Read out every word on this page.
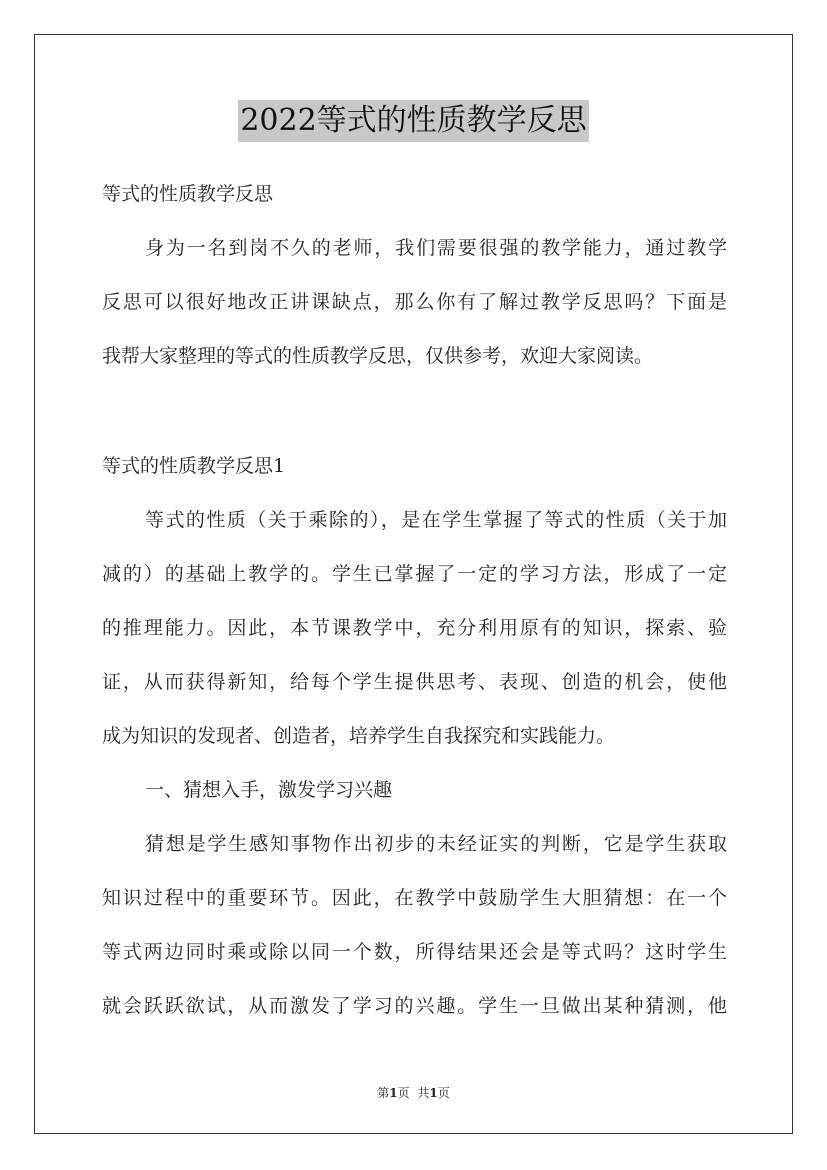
2022等式的性质教学反思
等式的性质教学反思
身为一名到岗不久的老师，我们需要很强的教学能力，通过教学
反思可以很好地改正讲课缺点，那么你有了解过教学反思吗？下面是
我帮大家整理的等式的性质教学反思，仅供参考，欢迎大家阅读。
等式的性质教学反思1
等式的性质（关于乘除的），是在学生掌握了等式的性质（关于加
减的）的基础上教学的。学生已掌握了一定的学习方法，形成了一定
的推理能力。因此，本节课教学中，充分利用原有的知识，探索、验
证，从而获得新知，给每个学生提供思考、表现、创造的机会，使他
成为知识的发现者、创造者，培养学生自我探究和实践能力。
一、猜想入手，激发学习兴趣
猜想是学生感知事物作出初步的未经证实的判断，它是学生获取
知识过程中的重要环节。因此，在教学中鼓励学生大胆猜想：在一个
等式两边同时乘或除以同一个数，所得结果还会是等式吗？这时学生
就会跃跃欲试，从而激发了学习的兴趣。学生一旦做出某种猜测，他
第1页 共1页
